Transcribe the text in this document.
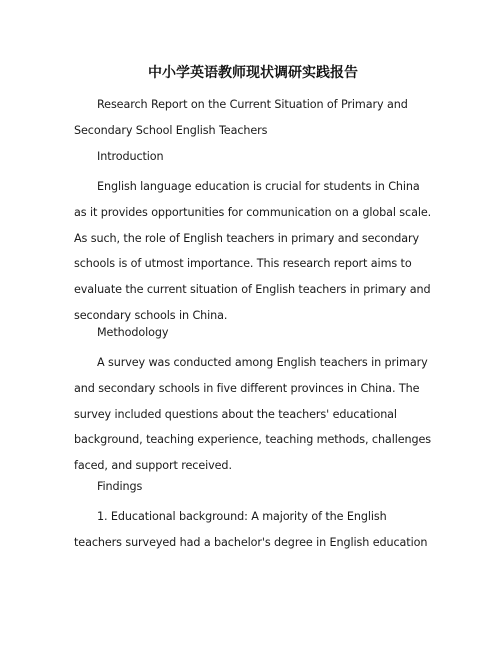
中小学英语教师现状调研实践报告

Research Report on the Current Situation of Primary and Secondary School English Teachers

Introduction

English language education is crucial for students in China as it provides opportunities for communication on a global scale. As such, the role of English teachers in primary and secondary schools is of utmost importance. This research report aims to evaluate the current situation of English teachers in primary and secondary schools in China.

Methodology

A survey was conducted among English teachers in primary and secondary schools in five different provinces in China. The survey included questions about the teachers' educational background, teaching experience, teaching methods, challenges faced, and support received.

Findings

1. Educational background: A majority of the English teachers surveyed had a bachelor's degree in English education
